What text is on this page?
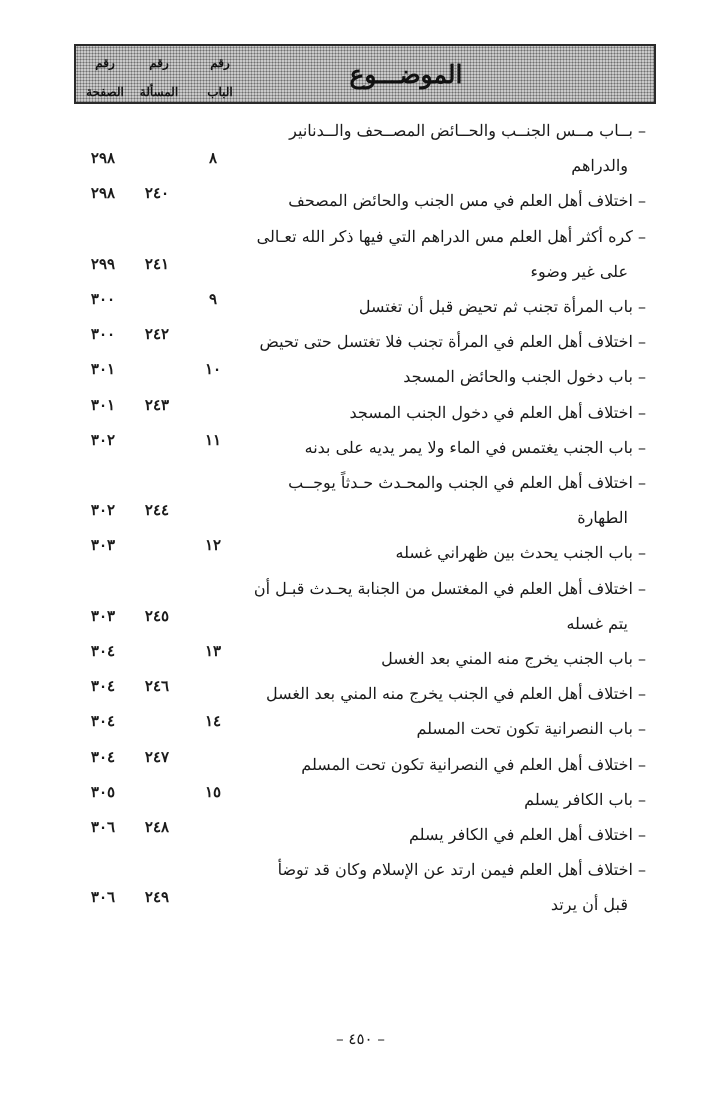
رقم
الصفحة
رقم
المسألة
رقم
الباب
الموضـــوع
– بــاب مــس الجنــب والحــائض المصــحف والــدنانير
والدراهم
٨
٢٩٨
– اختلاف أهل العلم في مس الجنب والحائض المصحف
٢٤٠
٢٩٨
– كره أكثر أهل العلم مس الدراهم التي فيها ذكر الله تعـالى
على غير وضوء
٢٤١
٢٩٩
– باب المرأة تجنب ثم تحيض قبل أن تغتسل
٩
٣٠٠
– اختلاف أهل العلم في المرأة تجنب فلا تغتسل حتى تحيض
٢٤٢
٣٠٠
– باب دخول الجنب والحائض المسجد
١٠
٣٠١
– اختلاف أهل العلم في دخول الجنب المسجد
٢٤٣
٣٠١
– باب الجنب يغتمس في الماء ولا يمر يديه على بدنه
١١
٣٠٢
– اختلاف أهل العلم في الجنب والمحـدث حـدثاً يوجــب
الطهارة
٢٤٤
٣٠٢
– باب الجنب يحدث بين ظهراني غسله
١٢
٣٠٣
– اختلاف أهل العلم في المغتسل من الجنابة يحـدث قبـل أن
يتم غسله
٢٤٥
٣٠٣
– باب الجنب يخرج منه المني بعد الغسل
١٣
٣٠٤
– اختلاف أهل العلم في الجنب يخرج منه المني بعد الغسل
٢٤٦
٣٠٤
– باب النصرانية تكون تحت المسلم
١٤
٣٠٤
– اختلاف أهل العلم في النصرانية تكون تحت المسلم
٢٤٧
٣٠٤
– باب الكافر يسلم
١٥
٣٠٥
– اختلاف أهل العلم في الكافر يسلم
٢٤٨
٣٠٦
– اختلاف أهل العلم فيمن ارتد عن الإسلام وكان قد توضأ
قبل أن يرتد
٢٤٩
٣٠٦
– ٤٥٠ –
